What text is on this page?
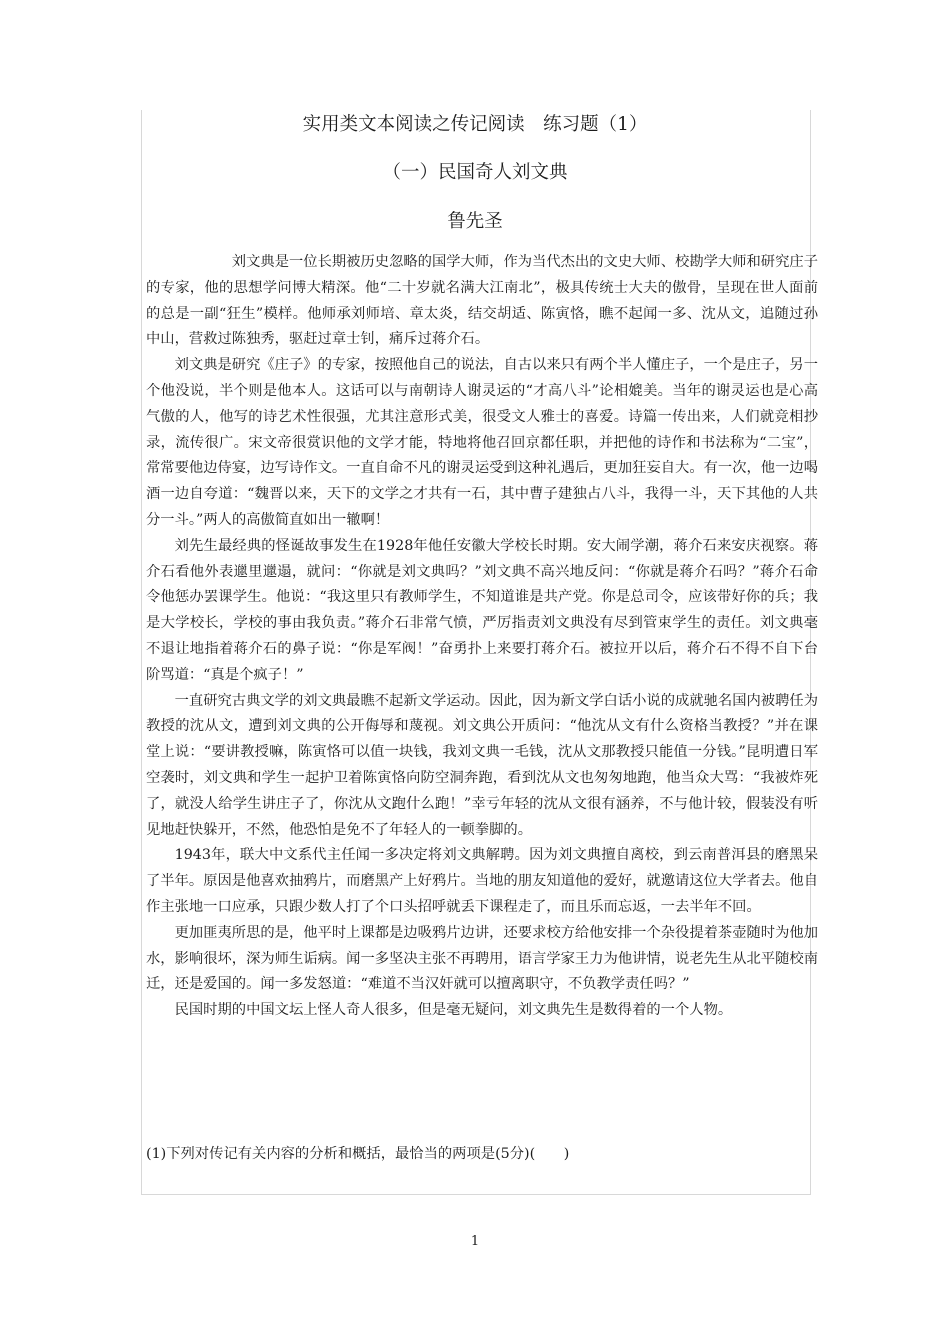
实用类文本阅读之传记阅读　练习题（1）
（一）民国奇人刘文典
鲁先圣

刘文典是一位长期被历史忽略的国学大师，作为当代杰出的文史大师、校勘学大师和研究庄子的专家，他的思想学问博大精深。他“二十岁就名满大江南北”，极具传统士大夫的傲骨，呈现在世人面前的总是一副“狂生”模样。他师承刘师培、章太炎，结交胡适、陈寅恪，瞧不起闻一多、沈从文，追随过孙中山，营救过陈独秀，驱赶过章士钊，痛斥过蒋介石。

刘文典是研究《庄子》的专家，按照他自己的说法，自古以来只有两个半人懂庄子，一个是庄子，另一个他没说，半个则是他本人。这话可以与南朝诗人谢灵运的“才高八斗”论相媲美。当年的谢灵运也是心高气傲的人，他写的诗艺术性很强，尤其注意形式美，很受文人雅士的喜爱。诗篇一传出来，人们就竞相抄录，流传很广。宋文帝很赏识他的文学才能，特地将他召回京都任职，并把他的诗作和书法称为“二宝”，常常要他边侍宴，边写诗作文。一直自命不凡的谢灵运受到这种礼遇后，更加狂妄自大。有一次，他一边喝酒一边自夸道：“魏晋以来，天下的文学之才共有一石，其中曹子建独占八斗，我得一斗，天下其他的人共分一斗。”两人的高傲简直如出一辙啊！

刘先生最经典的怪诞故事发生在1928年他任安徽大学校长时期。安大闹学潮，蒋介石来安庆视察。蒋介石看他外表邋里邋遢，就问：“你就是刘文典吗？”刘文典不高兴地反问：“你就是蒋介石吗？”蒋介石命令他惩办罢课学生。他说：“我这里只有教师学生，不知道谁是共产党。你是总司令，应该带好你的兵；我是大学校长，学校的事由我负责。”蒋介石非常气愤，严厉指责刘文典没有尽到管束学生的责任。刘文典毫不退让地指着蒋介石的鼻子说：“你是军阀！”奋勇扑上来要打蒋介石。被拉开以后，蒋介石不得不自下台阶骂道：“真是个疯子！”

一直研究古典文学的刘文典最瞧不起新文学运动。因此，因为新文学白话小说的成就驰名国内被聘任为教授的沈从文，遭到刘文典的公开侮辱和蔑视。刘文典公开质问：“他沈从文有什么资格当教授？”并在课堂上说：“要讲教授嘛，陈寅恪可以值一块钱，我刘文典一毛钱，沈从文那教授只能值一分钱。”昆明遭日军空袭时，刘文典和学生一起护卫着陈寅恪向防空洞奔跑，看到沈从文也匆匆地跑，他当众大骂：“我被炸死了，就没人给学生讲庄子了，你沈从文跑什么跑！”幸亏年轻的沈从文很有涵养，不与他计较，假装没有听见地赶快躲开，不然，他恐怕是免不了年轻人的一顿拳脚的。

1943年，联大中文系代主任闻一多决定将刘文典解聘。因为刘文典擅自离校，到云南普洱县的磨黑呆了半年。原因是他喜欢抽鸦片，而磨黑产上好鸦片。当地的朋友知道他的爱好，就邀请这位大学者去。他自作主张地一口应承，只跟少数人打了个口头招呼就丢下课程走了，而且乐而忘返，一去半年不回。

更加匪夷所思的是，他平时上课都是边吸鸦片边讲，还要求校方给他安排一个杂役提着茶壶随时为他加水，影响很坏，深为师生诟病。闻一多坚决主张不再聘用，语言学家王力为他讲情，说老先生从北平随校南迁，还是爱国的。闻一多发怒道：“难道不当汉奸就可以擅离职守，不负教学责任吗？”

民国时期的中国文坛上怪人奇人很多，但是毫无疑问，刘文典先生是数得着的一个人物。

(1)下列对传记有关内容的分析和概括，最恰当的两项是(5分)(　　)
1
